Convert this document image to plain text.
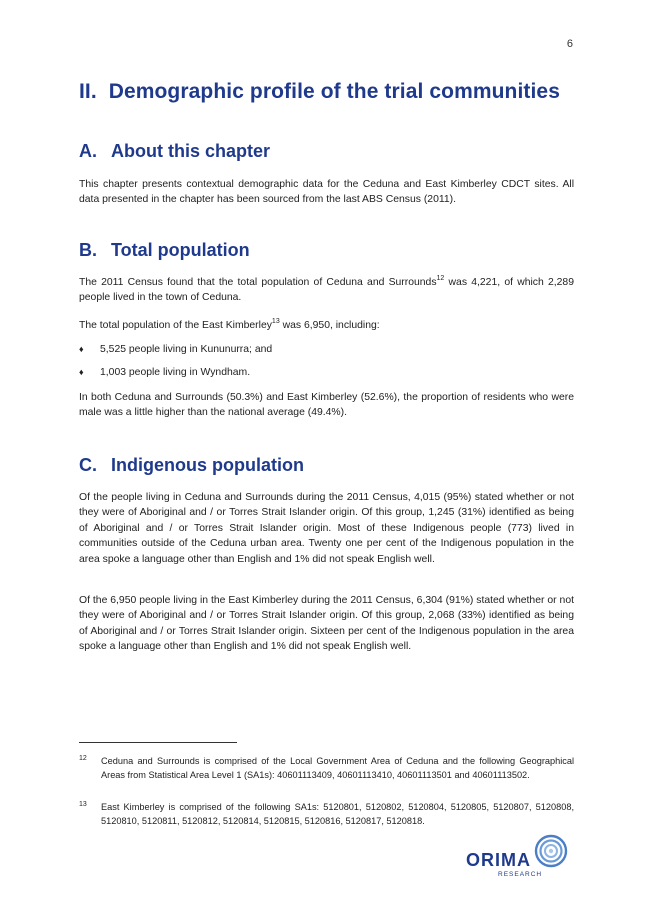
6
II. Demographic profile of the trial communities
A. About this chapter

This chapter presents contextual demographic data for the Ceduna and East Kimberley CDCT sites. All data presented in the chapter has been sourced from the last ABS Census (2011).

B. Total population

The 2011 Census found that the total population of Ceduna and Surrounds$^{12}$ was 4,221, of which 2,289 people lived in the town of Ceduna.

The total population of the East Kimberley$^{13}$ was 6,950, including:

♦ 5,525 people living in Kununurra; and
♦ 1,003 people living in Wyndham.

In both Ceduna and Surrounds (50.3%) and East Kimberley (52.6%), the proportion of residents who were male was a little higher than the national average (49.4%).

C. Indigenous population

Of the people living in Ceduna and Surrounds during the 2011 Census, 4,015 (95%) stated whether or not they were of Aboriginal and / or Torres Strait Islander origin. Of this group, 1,245 (31%) identified as being of Aboriginal and / or Torres Strait Islander origin. Most of these Indigenous people (773) lived in communities outside of the Ceduna urban area. Twenty one per cent of the Indigenous population in the area spoke a language other than English and 1% did not speak English well.

Of the 6,950 people living in the East Kimberley during the 2011 Census, 6,304 (91%) stated whether or not they were of Aboriginal and / or Torres Strait Islander origin. Of this group, 2,068 (33%) identified as being of Aboriginal and / or Torres Strait Islander origin. Sixteen per cent of the Indigenous population in the area spoke a language other than English and 1% did not speak English well.

12 Ceduna and Surrounds is comprised of the Local Government Area of Ceduna and the following Geographical Areas from Statistical Area Level 1 (SA1s): 40601113409, 40601113410, 40601113501 and 40601113502.
13 East Kimberley is comprised of the following SA1s: 5120801, 5120802, 5120804, 5120805, 5120807, 5120808, 5120810, 5120811, 5120812, 5120814, 5120815, 5120816, 5120817, 5120818.
ORIMA
RESEARCH
